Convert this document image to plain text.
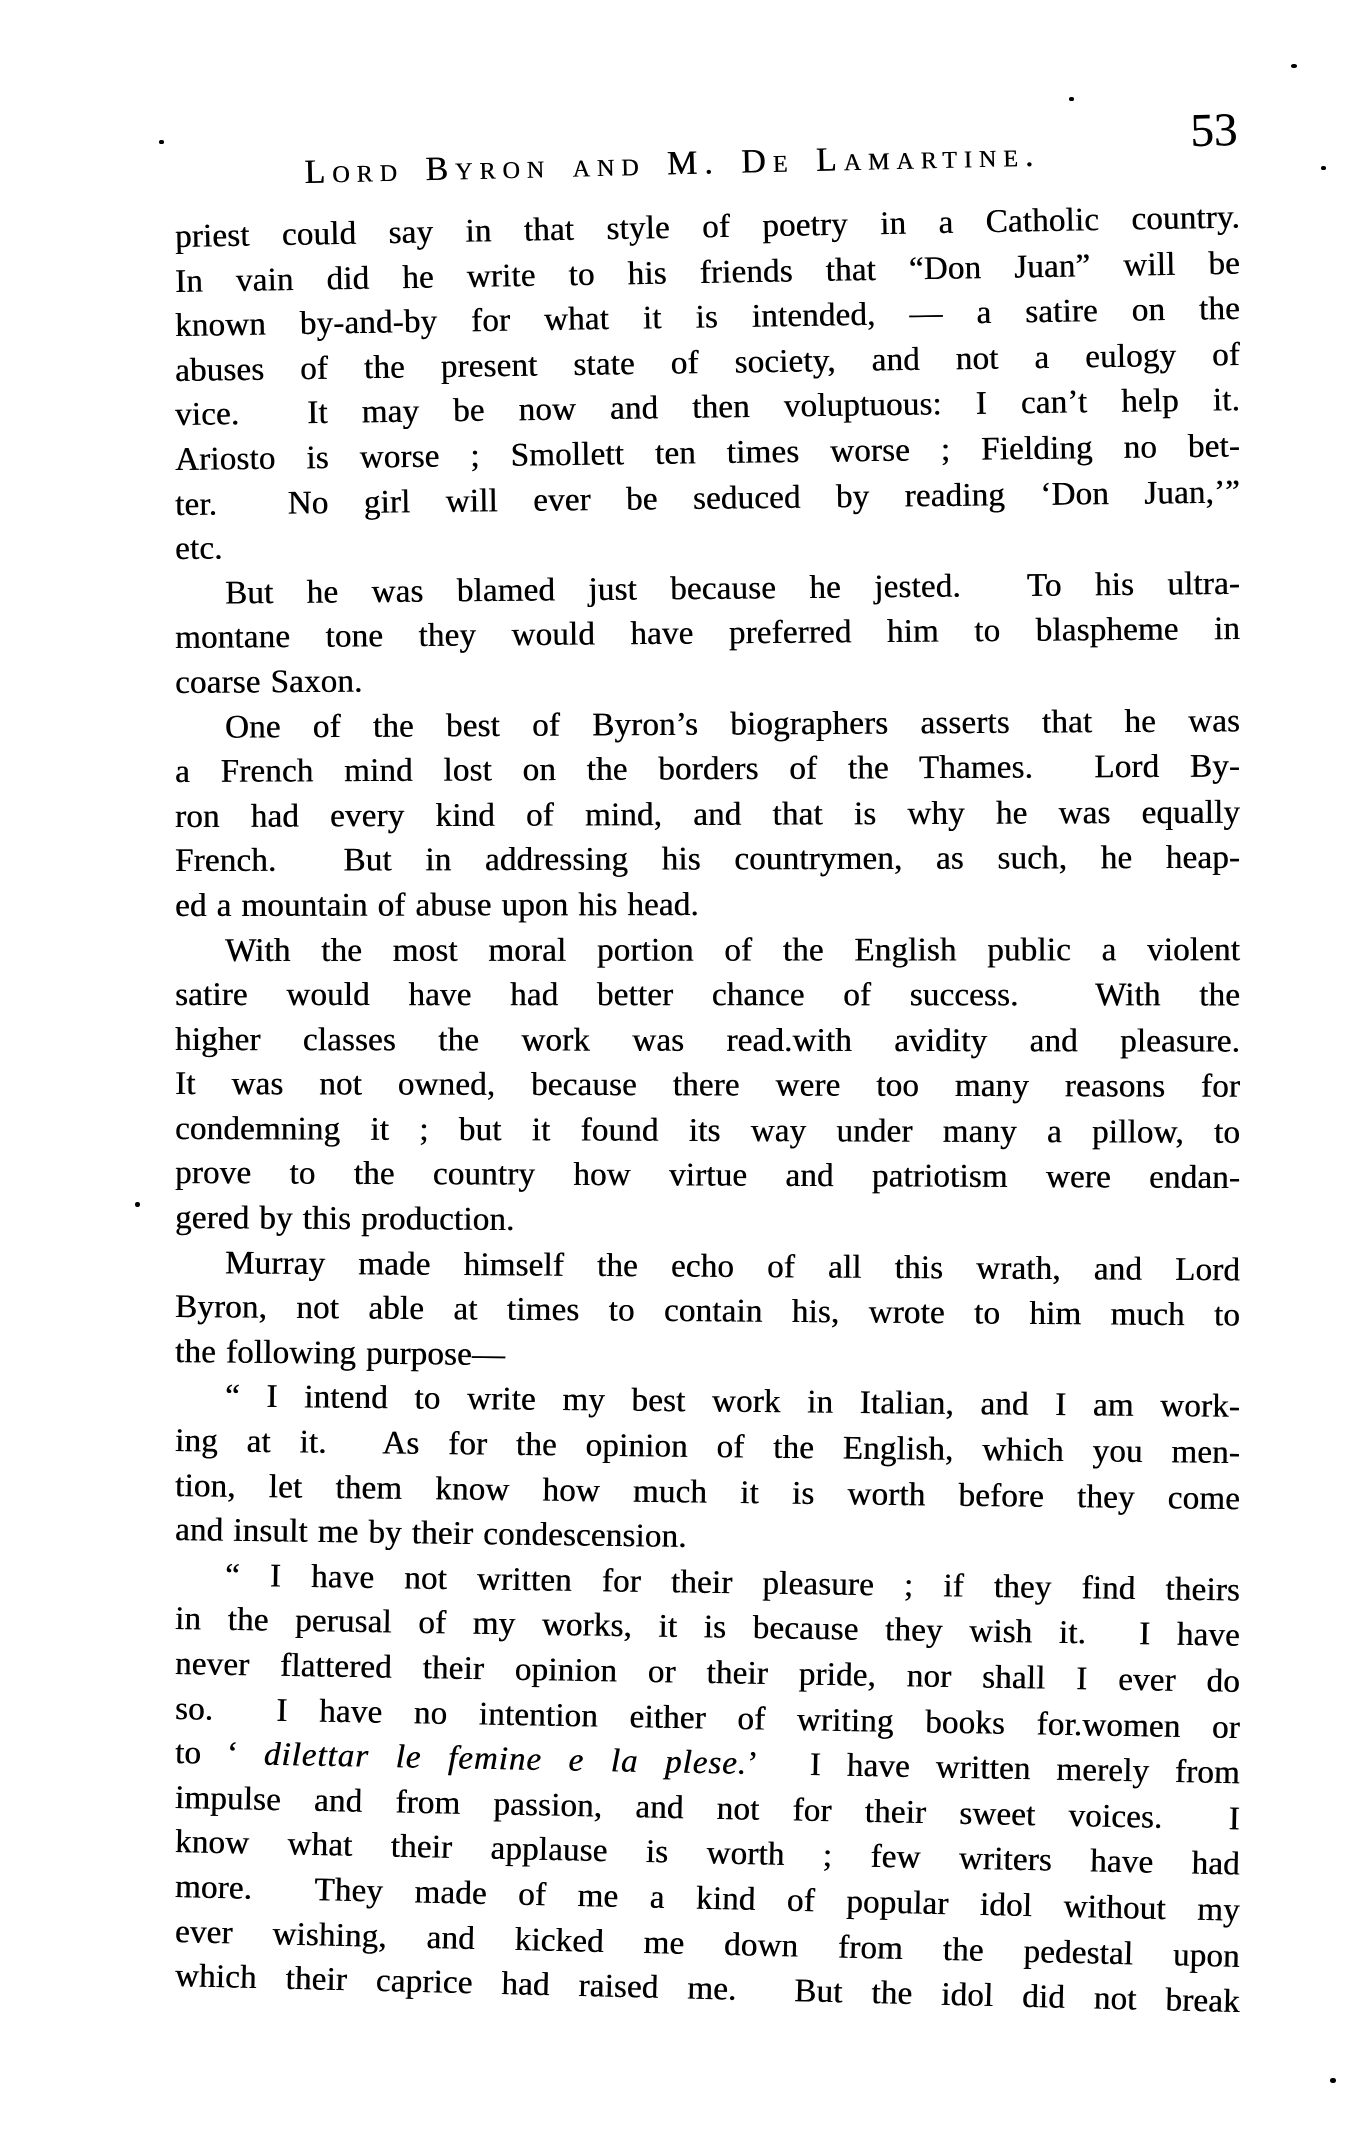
Lord Byron and M. De Lamartine.
53
priest could say in that style of poetry in a Catholic country.
In vain did he write to his friends that “Don Juan” will be
known by-and-by for what it is intended, — a satire on the
abuses of the present state of society, and not a eulogy of
vice.  It may be now and then voluptuous: I can’t help it.
Ariosto is worse ; Smollett ten times worse ; Fielding no bet-
ter.  No girl will ever be seduced by reading ‘Don Juan,’”
etc.
But he was blamed just because he jested.  To his ultra-
montane tone they would have preferred him to blaspheme in
coarse Saxon.
One of the best of Byron’s biographers asserts that he was
a French mind lost on the borders of the Thames.  Lord By-
ron had every kind of mind, and that is why he was equally
French.  But in addressing his countrymen, as such, he heap-
ed a mountain of abuse upon his head.
With the most moral portion of the English public a violent
satire would have had better chance of success.  With the
higher classes the work was read.with avidity and pleasure.
It was not owned, because there were too many reasons for
condemning it ; but it found its way under many a pillow, to
prove to the country how virtue and patriotism were endan-
gered by this production.
Murray made himself the echo of all this wrath, and Lord
Byron, not able at times to contain his, wrote to him much to
the following purpose—
“ I intend to write my best work in Italian, and I am work-
ing at it.  As for the opinion of the English, which you men-
tion, let them know how much it is worth before they come
and insult me by their condescension.
“ I have not written for their pleasure ; if they find theirs
in the perusal of my works, it is because they wish it.  I have
never flattered their opinion or their pride, nor shall I ever do
so.  I have no intention either of writing books for.women or
to ‘ dilettar le femine e la plese.’  I have written merely from
impulse and from passion, and not for their sweet voices.  I
know what their applause is worth ; few writers have had
more.  They made of me a kind of popular idol without my
ever wishing, and kicked me down from the pedestal upon
which their caprice had raised me.  But the idol did not break
